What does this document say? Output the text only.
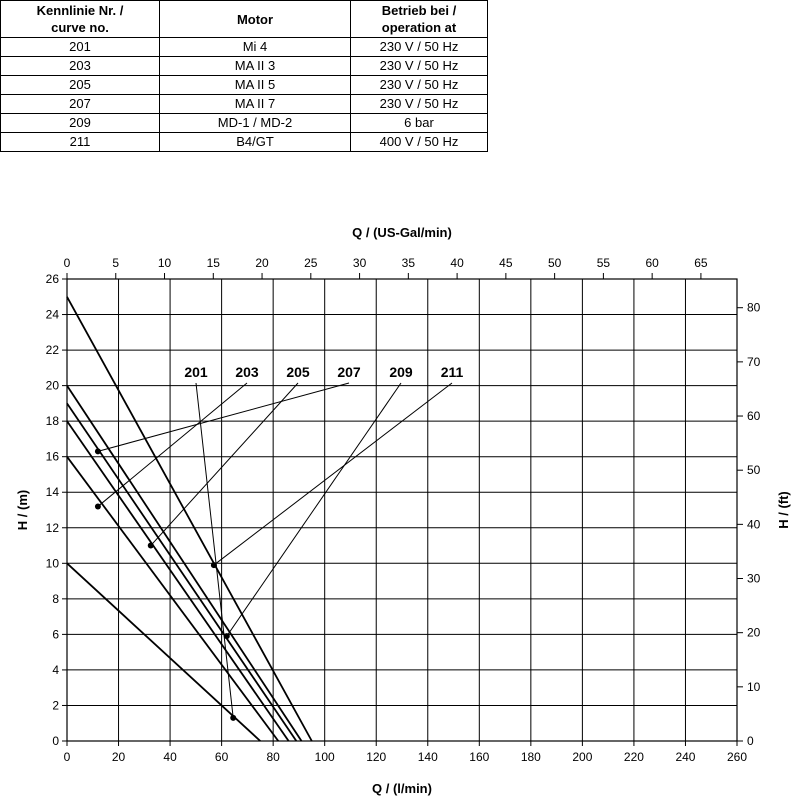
Kennlinie Nr. /
curve no.	Motor	Betrieb bei /
operation at
201	Mi 4	230 V / 50 Hz
203	MA II 3	230 V / 50 Hz
205	MA II 5	230 V / 50 Hz
207	MA II 7	230 V / 50 Hz
209	MD-1 / MD-2	6 bar
211	B4/GT	400 V / 50 Hz
0	20	40	60	80	100	120	140	160	180	200	220	240	260
0	5	10	15	20	25	30	35	40	45	50	55	60	65
0
2
4
6
8
10
12
14
16
18
20
22
24
26
0
10
20
30
40
50
60
70
80
Q / (l/min)
Q / (US-Gal/min)
H / (m)	H / (ft)
201 203 205 207 209 211
